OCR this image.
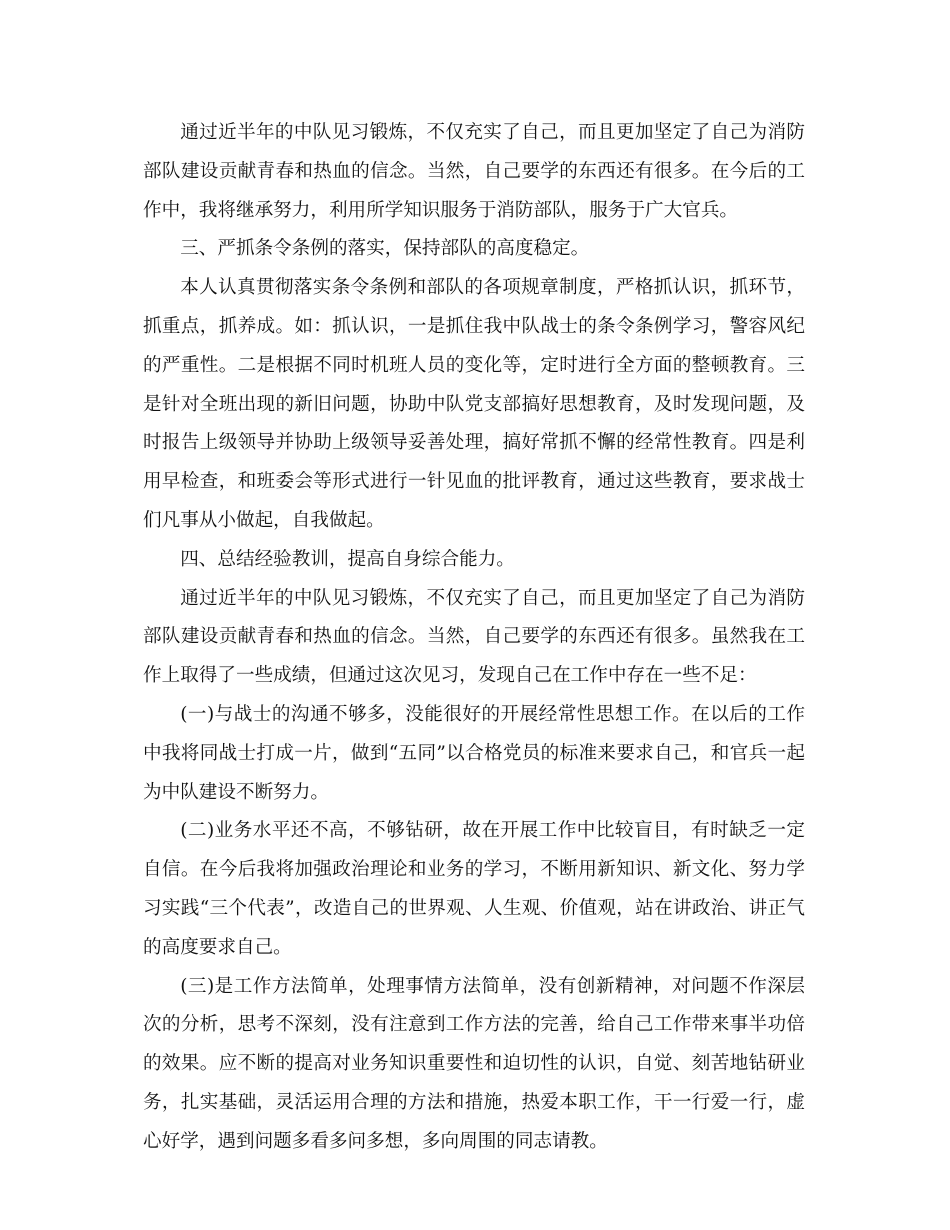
通过近半年的中队见习锻炼，不仅充实了自己，而且更加坚定了自己为消防部队建设贡献青春和热血的信念。当然，自己要学的东西还有很多。在今后的工作中，我将继承努力，利用所学知识服务于消防部队，服务于广大官兵。

三、严抓条令条例的落实，保持部队的高度稳定。

本人认真贯彻落实条令条例和部队的各项规章制度，严格抓认识，抓环节，抓重点，抓养成。如：抓认识，一是抓住我中队战士的条令条例学习，警容风纪的严重性。二是根据不同时机班人员的变化等，定时进行全方面的整顿教育。三是针对全班出现的新旧问题，协助中队党支部搞好思想教育，及时发现问题，及时报告上级领导并协助上级领导妥善处理，搞好常抓不懈的经常性教育。四是利用早检查，和班委会等形式进行一针见血的批评教育，通过这些教育，要求战士们凡事从小做起，自我做起。

四、总结经验教训，提高自身综合能力。

通过近半年的中队见习锻炼，不仅充实了自己，而且更加坚定了自己为消防部队建设贡献青春和热血的信念。当然，自己要学的东西还有很多。虽然我在工作上取得了一些成绩，但通过这次见习，发现自己在工作中存在一些不足：

(一)与战士的沟通不够多，没能很好的开展经常性思想工作。在以后的工作中我将同战士打成一片，做到“五同”以合格党员的标准来要求自己，和官兵一起为中队建设不断努力。

(二)业务水平还不高，不够钻研，故在开展工作中比较盲目，有时缺乏一定自信。在今后我将加强政治理论和业务的学习，不断用新知识、新文化、努力学习实践“三个代表”，改造自己的世界观、人生观、价值观，站在讲政治、讲正气的高度要求自己。

(三)是工作方法简单，处理事情方法简单，没有创新精神，对问题不作深层次的分析，思考不深刻，没有注意到工作方法的完善，给自己工作带来事半功倍的效果。应不断的提高对业务知识重要性和迫切性的认识，自觉、刻苦地钻研业务，扎实基础，灵活运用合理的方法和措施，热爱本职工作，干一行爱一行，虚心好学，遇到问题多看多问多想，多向周围的同志请教。
